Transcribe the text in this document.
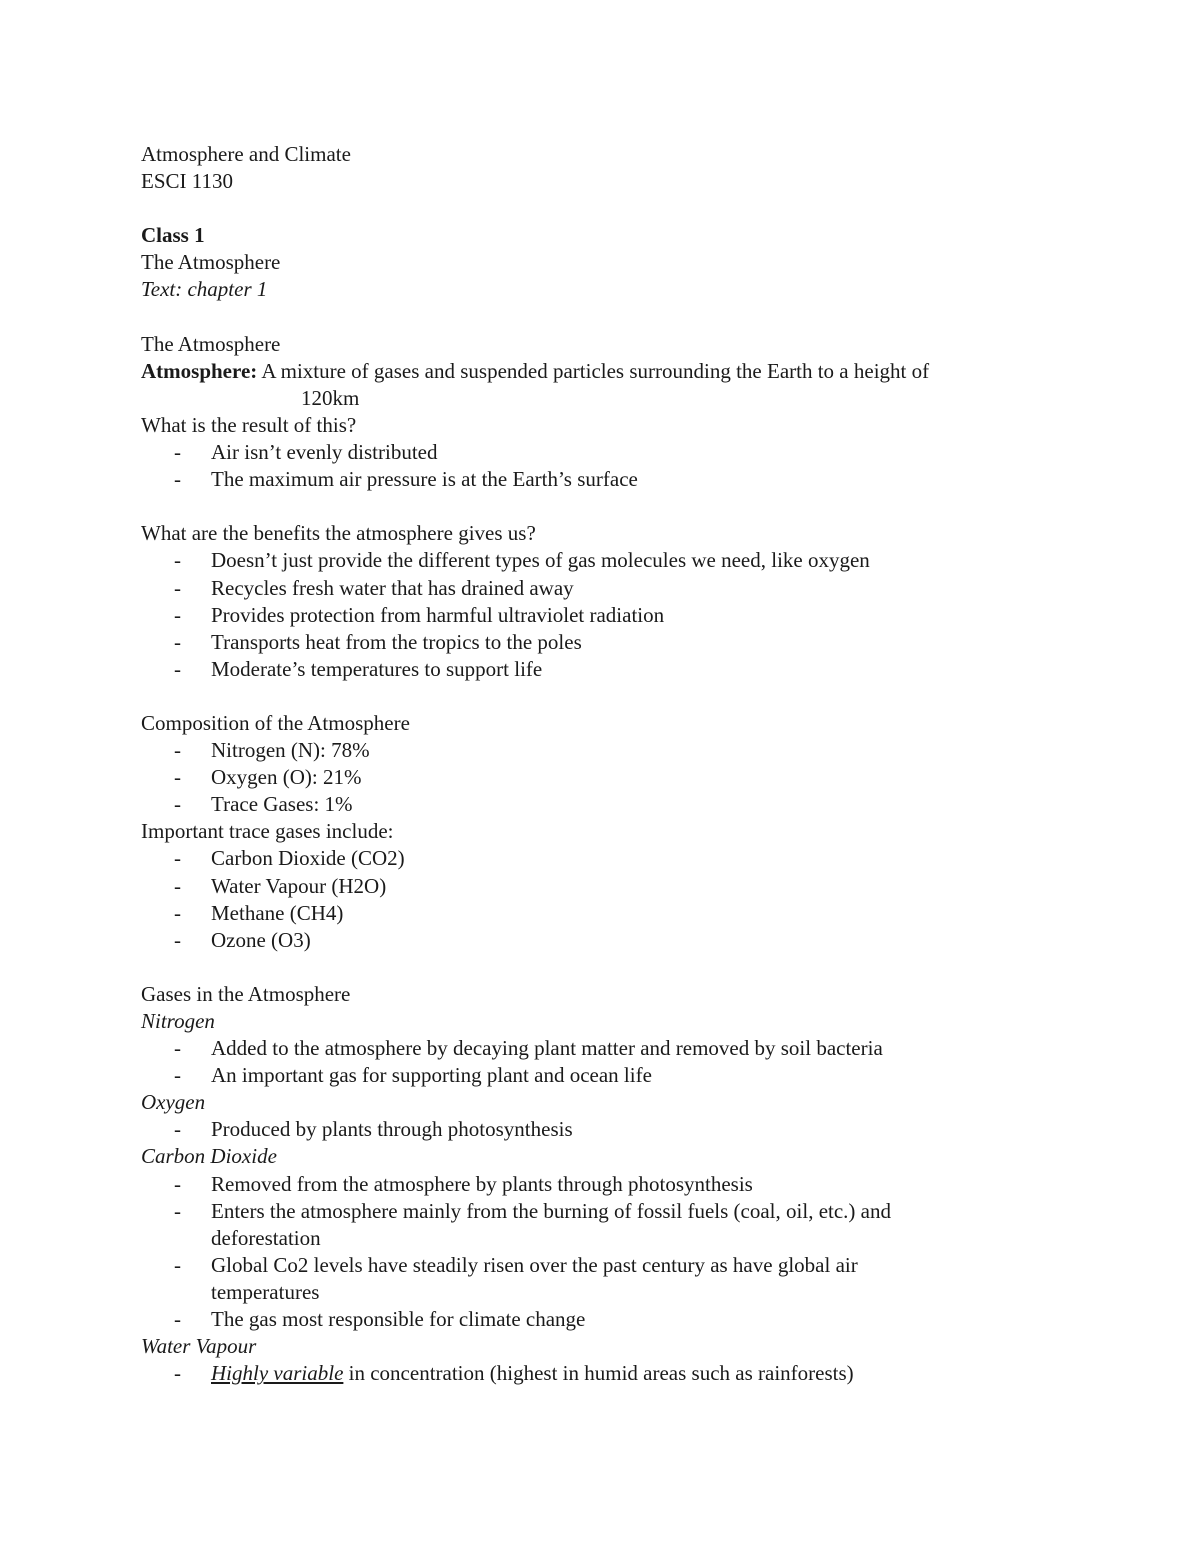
Atmosphere and Climate
ESCI 1130
Class 1
The Atmosphere
Text: chapter 1
The Atmosphere
Atmosphere: A mixture of gases and suspended particles surrounding the Earth to a height of
120km
What is the result of this?
- Air isn’t evenly distributed
- The maximum air pressure is at the Earth’s surface
What are the benefits the atmosphere gives us?
- Doesn’t just provide the different types of gas molecules we need, like oxygen
- Recycles fresh water that has drained away
- Provides protection from harmful ultraviolet radiation
- Transports heat from the tropics to the poles
- Moderate’s temperatures to support life
Composition of the Atmosphere
- Nitrogen (N): 78%
- Oxygen (O): 21%
- Trace Gases: 1%
Important trace gases include:
- Carbon Dioxide (CO2)
- Water Vapour (H2O)
- Methane (CH4)
- Ozone (O3)
Gases in the Atmosphere
Nitrogen
- Added to the atmosphere by decaying plant matter and removed by soil bacteria
- An important gas for supporting plant and ocean life
Oxygen
- Produced by plants through photosynthesis
Carbon Dioxide
- Removed from the atmosphere by plants through photosynthesis
- Enters the atmosphere mainly from the burning of fossil fuels (coal, oil, etc.) and
deforestation
- Global Co2 levels have steadily risen over the past century as have global air
temperatures
- The gas most responsible for climate change
Water Vapour
- Highly variable in concentration (highest in humid areas such as rainforests)
